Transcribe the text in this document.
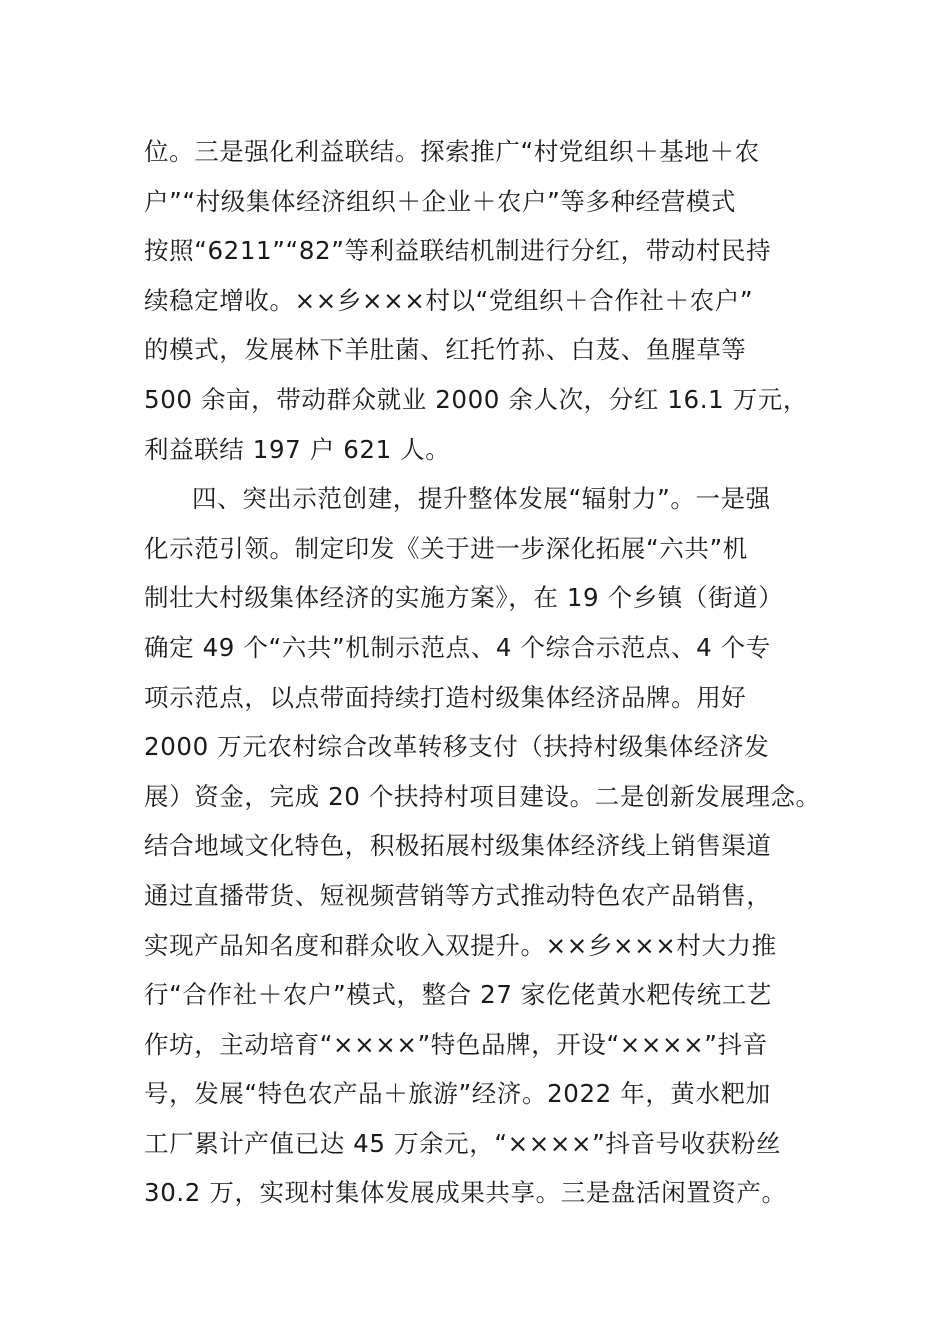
位。三是强化利益联结。探索推广“村党组织＋基地＋农
户”“村级集体经济组织＋企业＋农户”等多种经营模式
按照“6211”“82”等利益联结机制进行分红，带动村民持
续稳定增收。××乡×××村以“党组织＋合作社＋农户”
的模式，发展林下羊肚菌、红托竹荪、白芨、鱼腥草等
500 余亩，带动群众就业 2000 余人次，分红 16.1 万元，
利益联结 197 户 621 人。
四、突出示范创建，提升整体发展“辐射力”。一是强
化示范引领。制定印发《关于进一步深化拓展“六共”机
制壮大村级集体经济的实施方案》，在 19 个乡镇（街道）
确定 49 个“六共”机制示范点、4 个综合示范点、4 个专
项示范点，以点带面持续打造村级集体经济品牌。用好
2000 万元农村综合改革转移支付（扶持村级集体经济发
展）资金，完成 20 个扶持村项目建设。二是创新发展理念。
结合地域文化特色，积极拓展村级集体经济线上销售渠道
通过直播带货、短视频营销等方式推动特色农产品销售，
实现产品知名度和群众收入双提升。××乡×××村大力推
行“合作社＋农户”模式，整合 27 家仡佬黄水粑传统工艺
作坊，主动培育“××××”特色品牌，开设“××××”抖音
号，发展“特色农产品＋旅游”经济。2022 年，黄水粑加
工厂累计产值已达 45 万余元，“××××”抖音号收获粉丝
30.2 万，实现村集体发展成果共享。三是盘活闲置资产。
